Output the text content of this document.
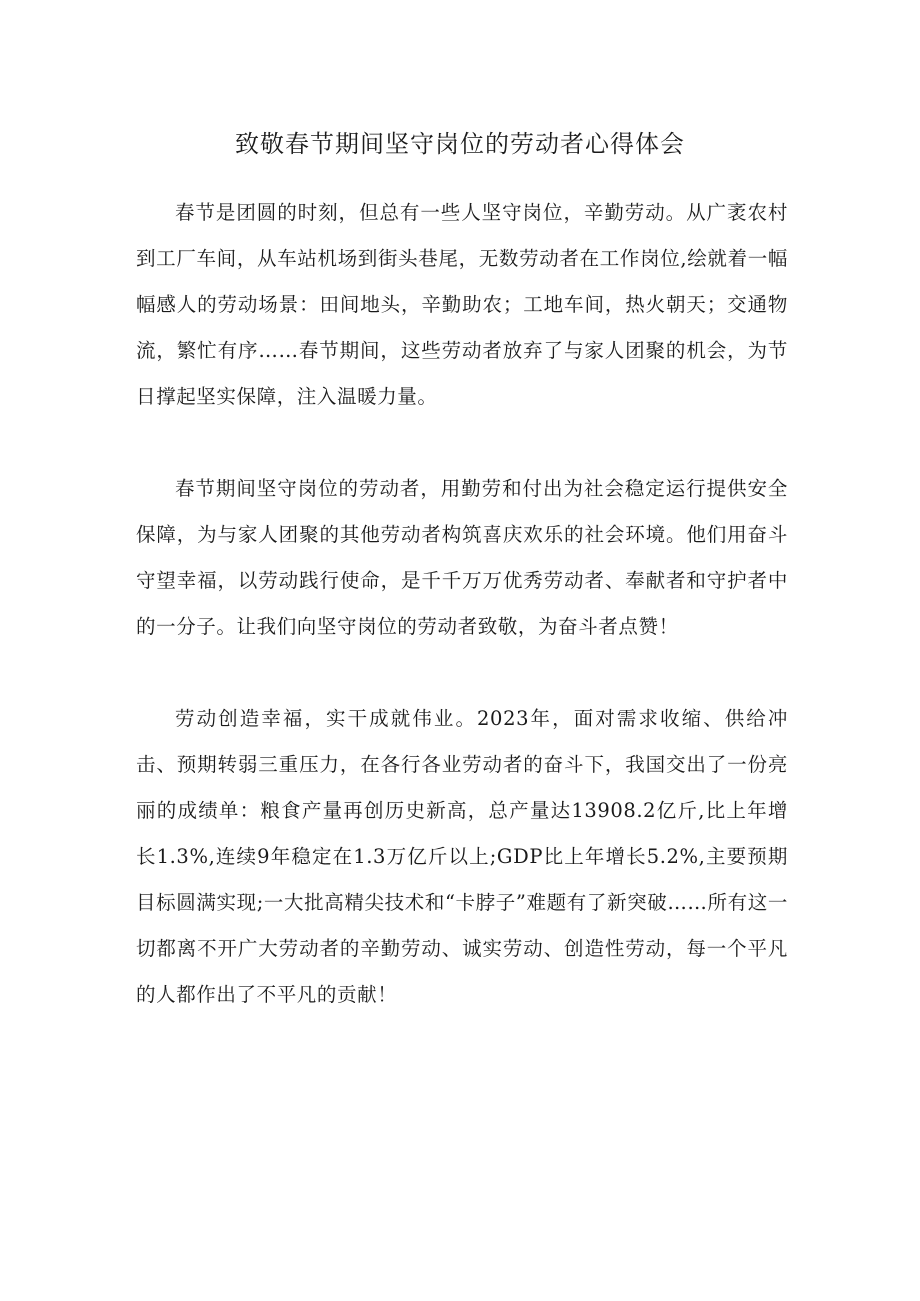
致敬春节期间坚守岗位的劳动者心得体会

春节是团圆的时刻，但总有一些人坚守岗位，辛勤劳动。从广袤农村到工厂车间，从车站机场到街头巷尾，无数劳动者在工作岗位,绘就着一幅幅感人的劳动场景：田间地头，辛勤助农；工地车间，热火朝天；交通物流，繁忙有序……春节期间，这些劳动者放弃了与家人团聚的机会，为节日撑起坚实保障，注入温暖力量。

春节期间坚守岗位的劳动者，用勤劳和付出为社会稳定运行提供安全保障，为与家人团聚的其他劳动者构筑喜庆欢乐的社会环境。他们用奋斗守望幸福，以劳动践行使命，是千千万万优秀劳动者、奉献者和守护者中的一分子。让我们向坚守岗位的劳动者致敬，为奋斗者点赞！

劳动创造幸福，实干成就伟业。2023年，面对需求收缩、供给冲击、预期转弱三重压力，在各行各业劳动者的奋斗下，我国交出了一份亮丽的成绩单：粮食产量再创历史新高，总产量达13908.2亿斤,比上年增长1.3%,连续9年稳定在1.3万亿斤以上;GDP比上年增长5.2%,主要预期目标圆满实现;一大批高精尖技术和“卡脖子”难题有了新突破……所有这一切都离不开广大劳动者的辛勤劳动、诚实劳动、创造性劳动，每一个平凡的人都作出了不平凡的贡献！
